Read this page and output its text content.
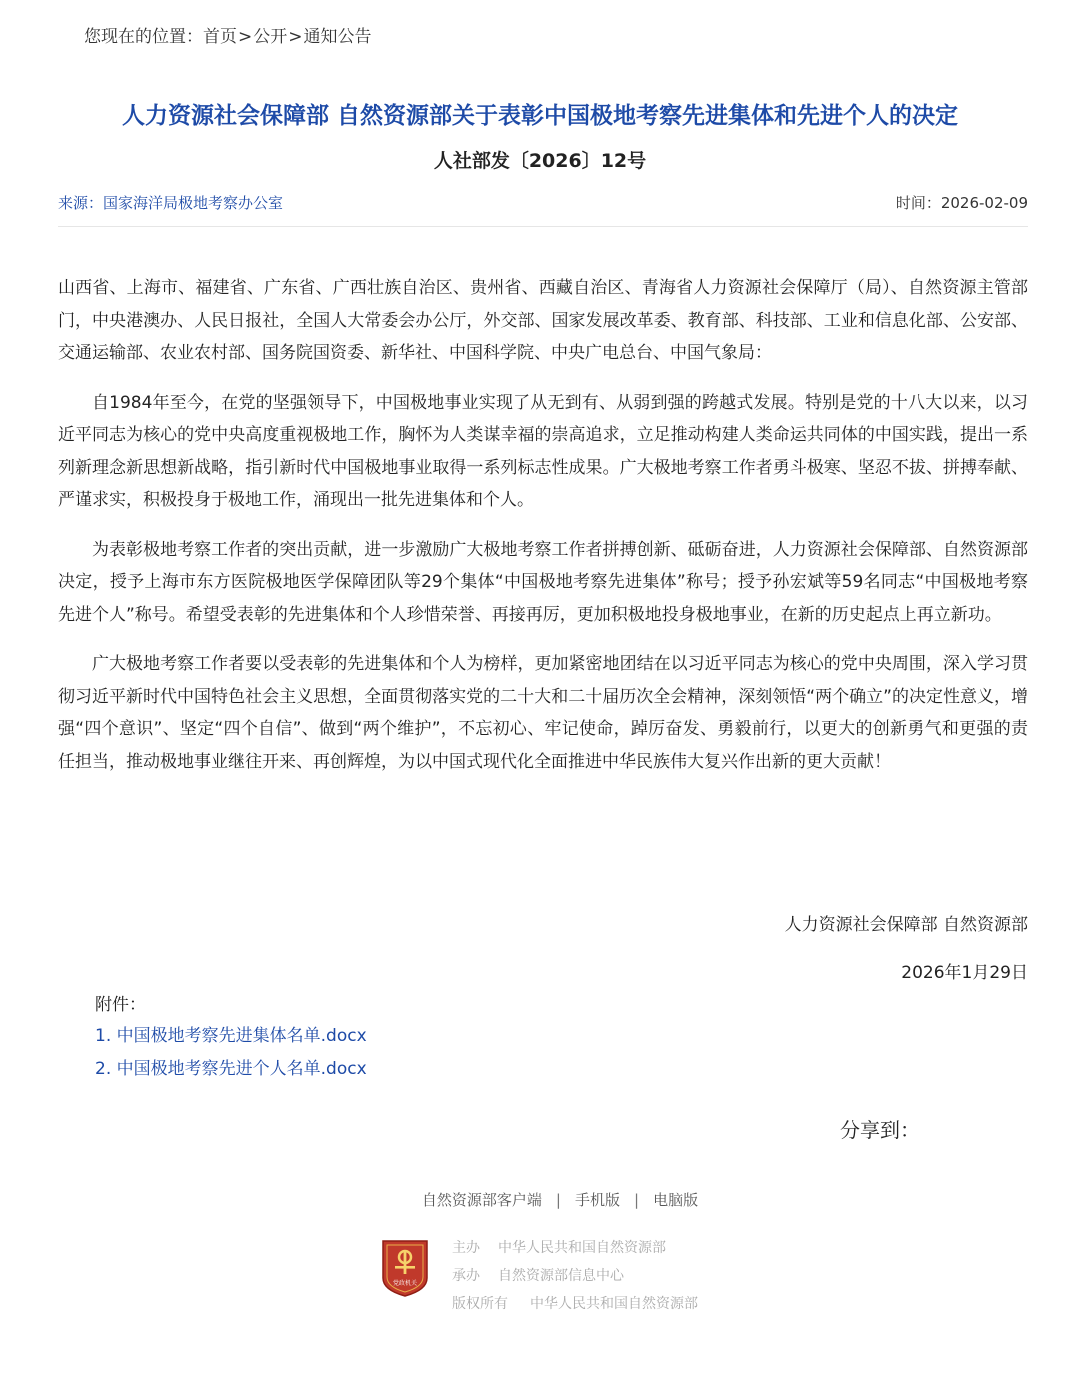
您现在的位置：首页>公开>通知公告
人力资源社会保障部 自然资源部关于表彰中国极地考察先进集体和先进个人的决定
人社部发〔2026〕12号
来源：国家海洋局极地考察办公室	时间：2026-02-09

山西省、上海市、福建省、广东省、广西壮族自治区、贵州省、西藏自治区、青海省人力资源社会保障厅（局）、自然资源主管部门，中央港澳办、人民日报社，全国人大常委会办公厅，外交部、国家发展改革委、教育部、科技部、工业和信息化部、公安部、交通运输部、农业农村部、国务院国资委、新华社、中国科学院、中央广电总台、中国气象局：

自1984年至今，在党的坚强领导下，中国极地事业实现了从无到有、从弱到强的跨越式发展。特别是党的十八大以来，以习近平同志为核心的党中央高度重视极地工作，胸怀为人类谋幸福的崇高追求，立足推动构建人类命运共同体的中国实践，提出一系列新理念新思想新战略，指引新时代中国极地事业取得一系列标志性成果。广大极地考察工作者勇斗极寒、坚忍不拔、拼搏奉献、严谨求实，积极投身于极地工作，涌现出一批先进集体和个人。

为表彰极地考察工作者的突出贡献，进一步激励广大极地考察工作者拼搏创新、砥砺奋进，人力资源社会保障部、自然资源部决定，授予上海市东方医院极地医学保障团队等29个集体“中国极地考察先进集体”称号；授予孙宏斌等59名同志“中国极地考察先进个人”称号。希望受表彰的先进集体和个人珍惜荣誉、再接再厉，更加积极地投身极地事业，在新的历史起点上再立新功。

广大极地考察工作者要以受表彰的先进集体和个人为榜样，更加紧密地团结在以习近平同志为核心的党中央周围，深入学习贯彻习近平新时代中国特色社会主义思想，全面贯彻落实党的二十大和二十届历次全会精神，深刻领悟“两个确立”的决定性意义，增强“四个意识”、坚定“四个自信”、做到“两个维护”，不忘初心、牢记使命，踔厉奋发、勇毅前行，以更大的创新勇气和更强的责任担当，推动极地事业继往开来、再创辉煌，为以中国式现代化全面推进中华民族伟大复兴作出新的更大贡献！

人力资源社会保障部 自然资源部
2026年1月29日
附件：
1. 中国极地考察先进集体名单.docx
2. 中国极地考察先进个人名单.docx
分享到：
自然资源部客户端 | 手机版 | 电脑版
党政机关
主办 中华人民共和国自然资源部
承办 自然资源部信息中心
版权所有 中华人民共和国自然资源部
